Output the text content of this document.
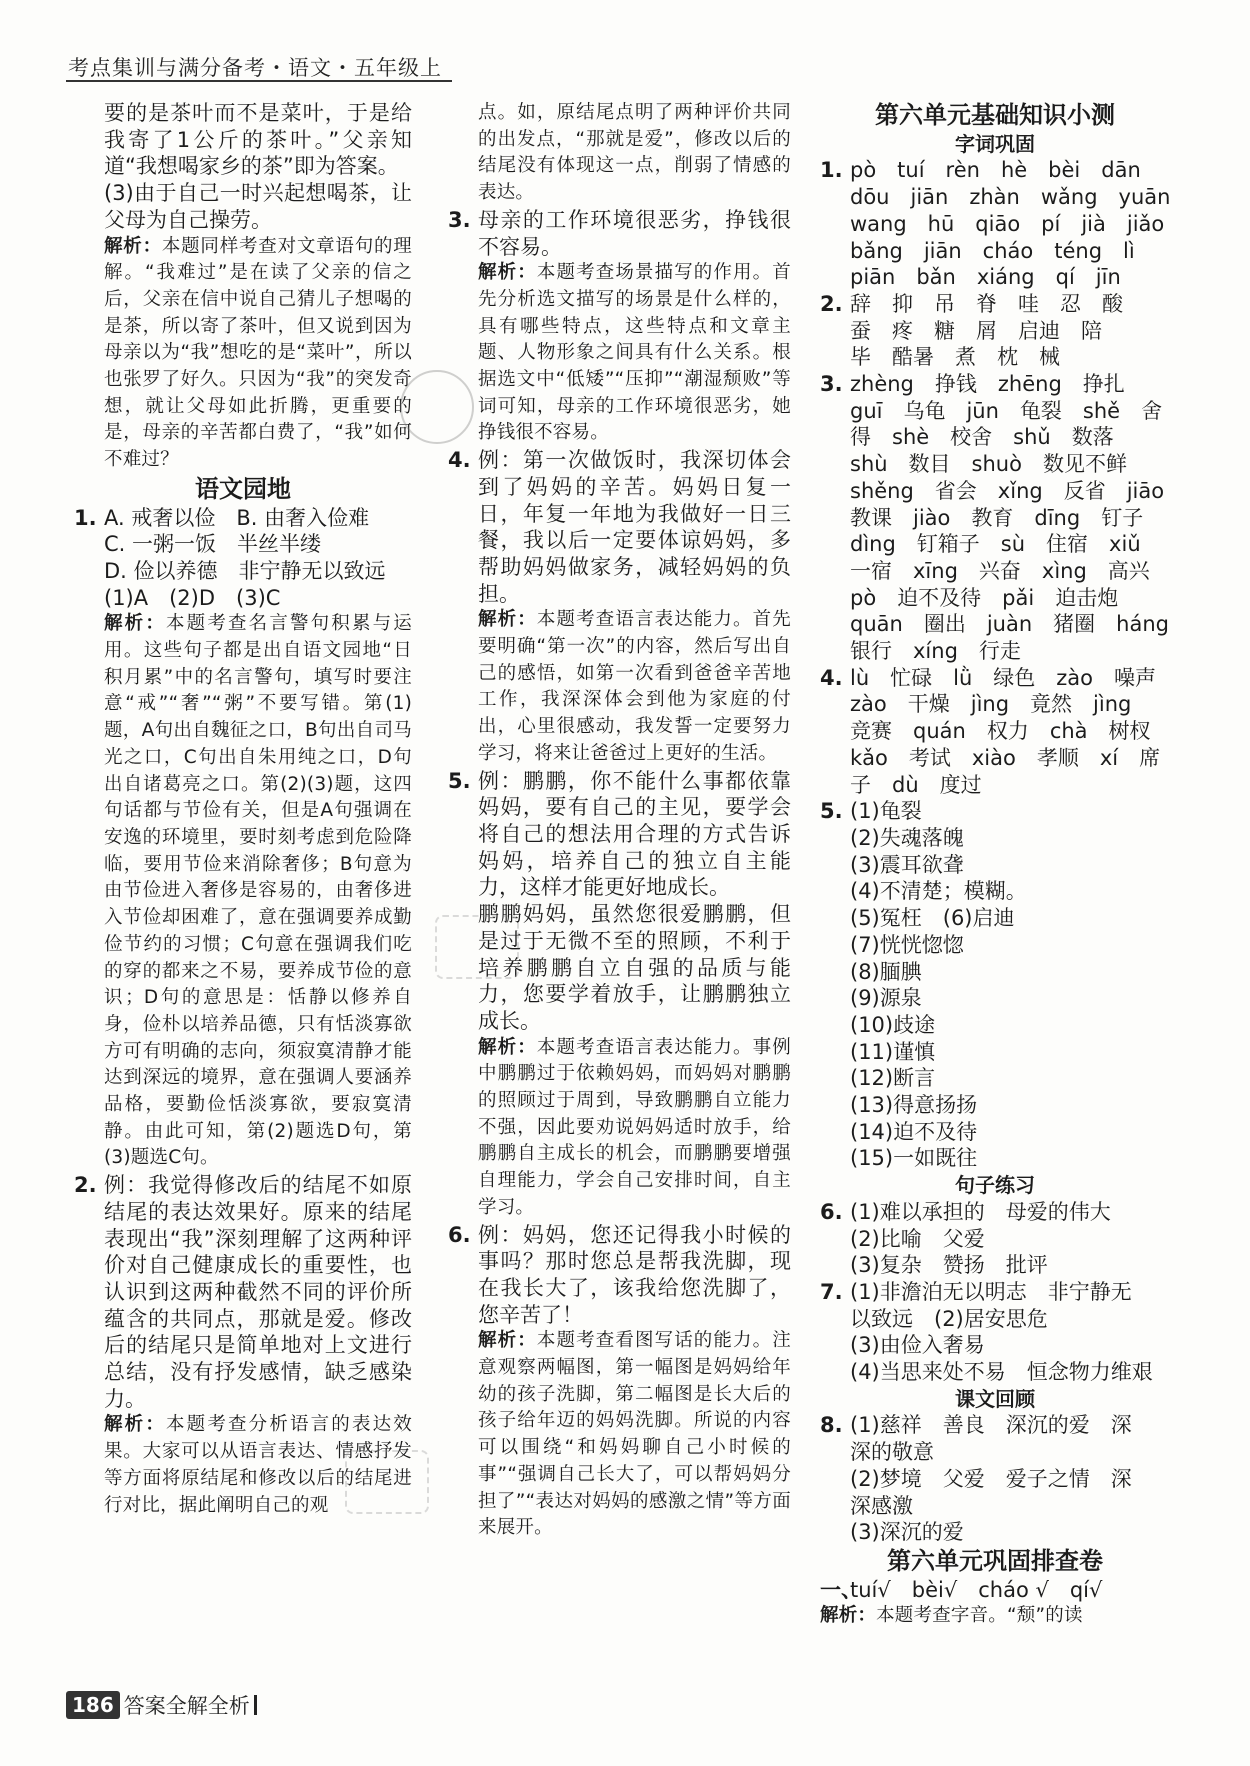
考点集训与满分备考・语文・五年级上

要的是茶叶而不是菜叶，于是给我寄了1公斤的茶叶。”父亲知道“我想喝家乡的茶”即为答案。

(3)由于自己一时兴起想喝茶，让父母为自己操劳。

解析：本题同样考查对文章语句的理解。“我难过”是在读了父亲的信之后，父亲在信中说自己猜儿子想喝的是茶，所以寄了茶叶，但又说到因为母亲以为“我”想吃的是“菜叶”，所以也张罗了好久。只因为“我”的突发奇想，就让父母如此折腾，更重要的是，母亲的辛苦都白费了，“我”如何不难过？

语文园地
1. A. 戒奢以俭　B. 由奢入俭难

C. 一粥一饭　半丝半缕

D. 俭以养德　非宁静无以致远

(1)A　(2)D　(3)C

解析：本题考查名言警句积累与运用。这些句子都是出自语文园地“日积月累”中的名言警句，填写时要注意“戒”“奢”“粥”不要写错。第(1)题，A句出自魏征之口，B句出自司马光之口，C句出自朱用纯之口，D句出自诸葛亮之口。第(2)(3)题，这四句话都与节俭有关，但是A句强调在安逸的环境里，要时刻考虑到危险降临，要用节俭来消除奢侈；B句意为由节俭进入奢侈是容易的，由奢侈进入节俭却困难了，意在强调要养成勤俭节约的习惯；C句意在强调我们吃的穿的都来之不易，要养成节俭的意识；D句的意思是：恬静以修养自身，俭朴以培养品德，只有恬淡寡欲方可有明确的志向，须寂寞清静才能达到深远的境界，意在强调人要涵养品格，要勤俭恬淡寡欲，要寂寞清静。由此可知，第(2)题选D句，第(3)题选C句。

2. 例：我觉得修改后的结尾不如原结尾的表达效果好。原来的结尾表现出“我”深刻理解了这两种评价对自己健康成长的重要性，也认识到这两种截然不同的评价所蕴含的共同点，那就是爱。修改后的结尾只是简单地对上文进行总结，没有抒发感情，缺乏感染力。

解析：本题考查分析语言的表达效果。大家可以从语言表达、情感抒发等方面将原结尾和修改以后的结尾进行对比，据此阐明自己的观

点。如，原结尾点明了两种评价共同的出发点，“那就是爱”，修改以后的结尾没有体现这一点，削弱了情感的表达。

3. 母亲的工作环境很恶劣，挣钱很不容易。

解析：本题考查场景描写的作用。首先分析选文描写的场景是什么样的，具有哪些特点，这些特点和文章主题、人物形象之间具有什么关系。根据选文中“低矮”“压抑”“潮湿颓败”等词可知，母亲的工作环境很恶劣，她挣钱很不容易。

4. 例：第一次做饭时，我深切体会到了妈妈的辛苦。妈妈日复一日，年复一年地为我做好一日三餐，我以后一定要体谅妈妈，多帮助妈妈做家务，减轻妈妈的负担。

解析：本题考查语言表达能力。首先要明确“第一次”的内容，然后写出自己的感悟，如第一次看到爸爸辛苦地工作，我深深体会到他为家庭的付出，心里很感动，我发誓一定要努力学习，将来让爸爸过上更好的生活。

5. 例：鹏鹏，你不能什么事都依靠妈妈，要有自己的主见，要学会将自己的想法用合理的方式告诉妈妈，培养自己的独立自主能力，这样才能更好地成长。

鹏鹏妈妈，虽然您很爱鹏鹏，但是过于无微不至的照顾，不利于培养鹏鹏自立自强的品质与能力，您要学着放手，让鹏鹏独立成长。

解析：本题考查语言表达能力。事例中鹏鹏过于依赖妈妈，而妈妈对鹏鹏的照顾过于周到，导致鹏鹏自立能力不强，因此要劝说妈妈适时放手，给鹏鹏自主成长的机会，而鹏鹏要增强自理能力，学会自己安排时间，自主学习。

6. 例：妈妈，您还记得我小时候的事吗？那时您总是帮我洗脚，现在我长大了，该我给您洗脚了，您辛苦了！

解析：本题考查看图写话的能力。注意观察两幅图，第一幅图是妈妈给年幼的孩子洗脚，第二幅图是长大后的孩子给年迈的妈妈洗脚。所说的内容可以围绕“和妈妈聊自己小时候的事”“强调自己长大了，可以帮妈妈分担了”“表达对妈妈的感激之情”等方面来展开。

第六单元基础知识小测
字词巩固
1. pò　tuí　rèn　hè　bèi　dān
dōu　jiān　zhàn　wǎng　yuān
wang　hū　qiāo　pí　jià　jiǎo
bǎng　jiān　cháo　téng　lì
piān　bǎn　xiáng　qí　jīn
2. 辞　抑　吊　脊　哇　忍　酸
蚕　疼　糖　屑　启迪　陪
毕　酷暑　煮　枕　械
3. zhèng　挣钱　zhēng　挣扎
guī　乌龟　jūn　龟裂　shě　舍
得　shè　校舍　shǔ　数落
shù　数目　shuò　数见不鲜
shěng　省会　xǐng　反省　jiāo
教课　jiào　教育　dīng　钉子
dìng　钉箱子　sù　住宿　xiǔ
一宿　xīng　兴奋　xìng　高兴
pò　迫不及待　pǎi　迫击炮
quān　圈出　juàn　猪圈　háng
银行　xíng　行走
4. lù　忙碌　lǜ　绿色　zào　噪声
zào　干燥　jìng　竟然　jìng
竞赛　quán　权力　chà　树杈
kǎo　考试　xiào　孝顺　xí　席
子　dù　度过
5. (1)龟裂
(2)失魂落魄
(3)震耳欲聋
(4)不清楚；模糊。
(5)冤枉　(6)启迪
(7)恍恍惚惚
(8)腼腆
(9)源泉
(10)歧途
(11)谨慎
(12)断言
(13)得意扬扬
(14)迫不及待
(15)一如既往
句子练习
6. (1)难以承担的　母爱的伟大
(2)比喻　父爱
(3)复杂　赞扬　批评
7. (1)非澹泊无以明志　非宁静无
以致远　(2)居安思危
(3)由俭入奢易
(4)当思来处不易　恒念物力维艰
课文回顾
8. (1)慈祥　善良　深沉的爱　深
深的敬意
(2)梦境　父爱　爱子之情　深
深感激
(3)深沉的爱
第六单元巩固排查卷
一、
tuí√　bèi√　cháo √　qí√

解析：本题考查字音。“颓”的读

186 答案全解全析
